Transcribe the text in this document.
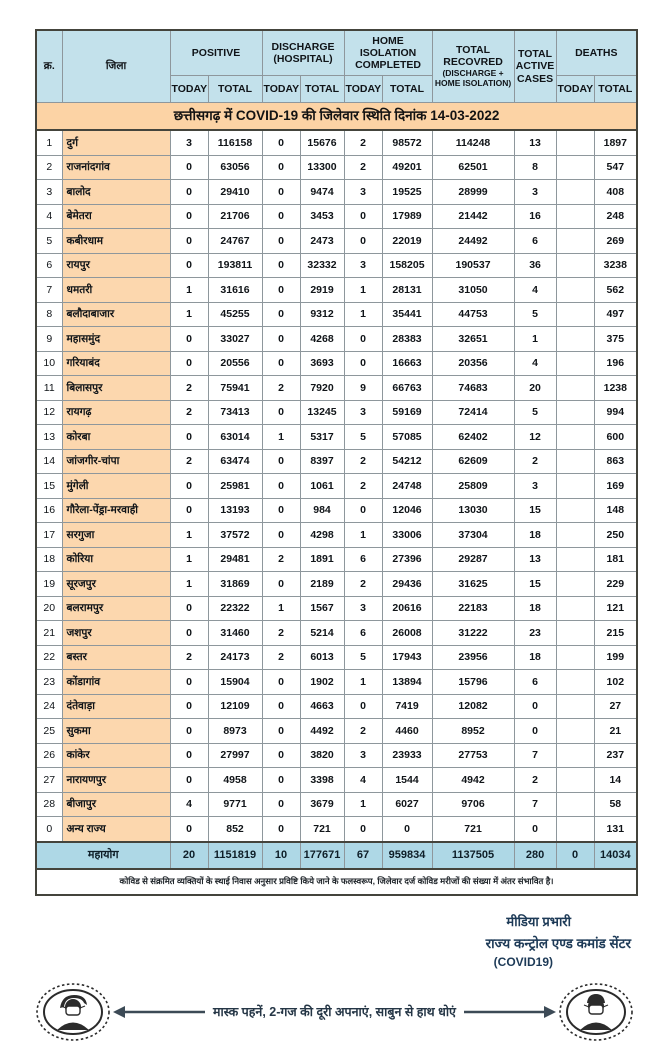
छत्तीसगढ़ में COVID-19 की जिलेवार स्थिति दिनांक 14-03-2022											
क्र.	जिला	POSITIVE		DISCHARGE (HOSPITAL)		HOME ISOLATION COMPLETED		TOTAL RECOVRED
(DISCHARGE + HOME ISOLATION)	TOTAL ACTIVE CASES	DEATHS	
		TODAY	TOTAL	TODAY	TOTAL	TODAY	TOTAL			TODAY	TOTAL
1	दुर्ग	3	116158	0	15676	2	98572	114248	13		1897
2	राजनांदगांव	0	63056	0	13300	2	49201	62501	8		547
3	बालोद	0	29410	0	9474	3	19525	28999	3		408
4	बेमेतरा	0	21706	0	3453	0	17989	21442	16		248
5	कबीरधाम	0	24767	0	2473	0	22019	24492	6		269
6	रायपुर	0	193811	0	32332	3	158205	190537	36		3238
7	धमतरी	1	31616	0	2919	1	28131	31050	4		562
8	बलौदाबाजार	1	45255	0	9312	1	35441	44753	5		497
9	महासमुंद	0	33027	0	4268	0	28383	32651	1		375
10	गरियाबंद	0	20556	0	3693	0	16663	20356	4		196
11	बिलासपुर	2	75941	2	7920	9	66763	74683	20		1238
12	रायगढ़	2	73413	0	13245	3	59169	72414	5		994
13	कोरबा	0	63014	1	5317	5	57085	62402	12		600
14	जांजगीर-चांपा	2	63474	0	8397	2	54212	62609	2		863
15	मुंगेली	0	25981	0	1061	2	24748	25809	3		169
16	गौरेला-पेंड्रा-मरवाही	0	13193	0	984	0	12046	13030	15		148
17	सरगुजा	1	37572	0	4298	1	33006	37304	18		250
18	कोरिया	1	29481	2	1891	6	27396	29287	13		181
19	सूरजपुर	1	31869	0	2189	2	29436	31625	15		229
20	बलरामपुर	0	22322	1	1567	3	20616	22183	18		121
21	जशपुर	0	31460	2	5214	6	26008	31222	23		215
22	बस्तर	2	24173	2	6013	5	17943	23956	18		199
23	कोंडागांव	0	15904	0	1902	1	13894	15796	6		102
24	दंतेवाड़ा	0	12109	0	4663	0	7419	12082	0		27
25	सुकमा	0	8973	0	4492	2	4460	8952	0		21
26	कांकेर	0	27997	0	3820	3	23933	27753	7		237
27	नारायणपुर	0	4958	0	3398	4	1544	4942	2		14
28	बीजापुर	4	9771	0	3679	1	6027	9706	7		58
0	अन्य राज्य	0	852	0	721	0	0	721	0		131
महायोग		20	1151819	10	177671	67	959834	1137505	280	0	14034
कोविड से संक्रमित व्यक्तियों के स्थाई निवास अनुसार प्रविष्टि किये जाने के फलस्वरूप, जिलेवार दर्ज कोविड मरीजों की संख्या में अंतर संभावित है।											
मीडिया प्रभारी
राज्य कन्ट्रोल एण्ड कमांड सेंटर
(COVID19)
मास्क पहनें, 2-गज की दूरी अपनाएं, साबुन से हाथ धोएं
